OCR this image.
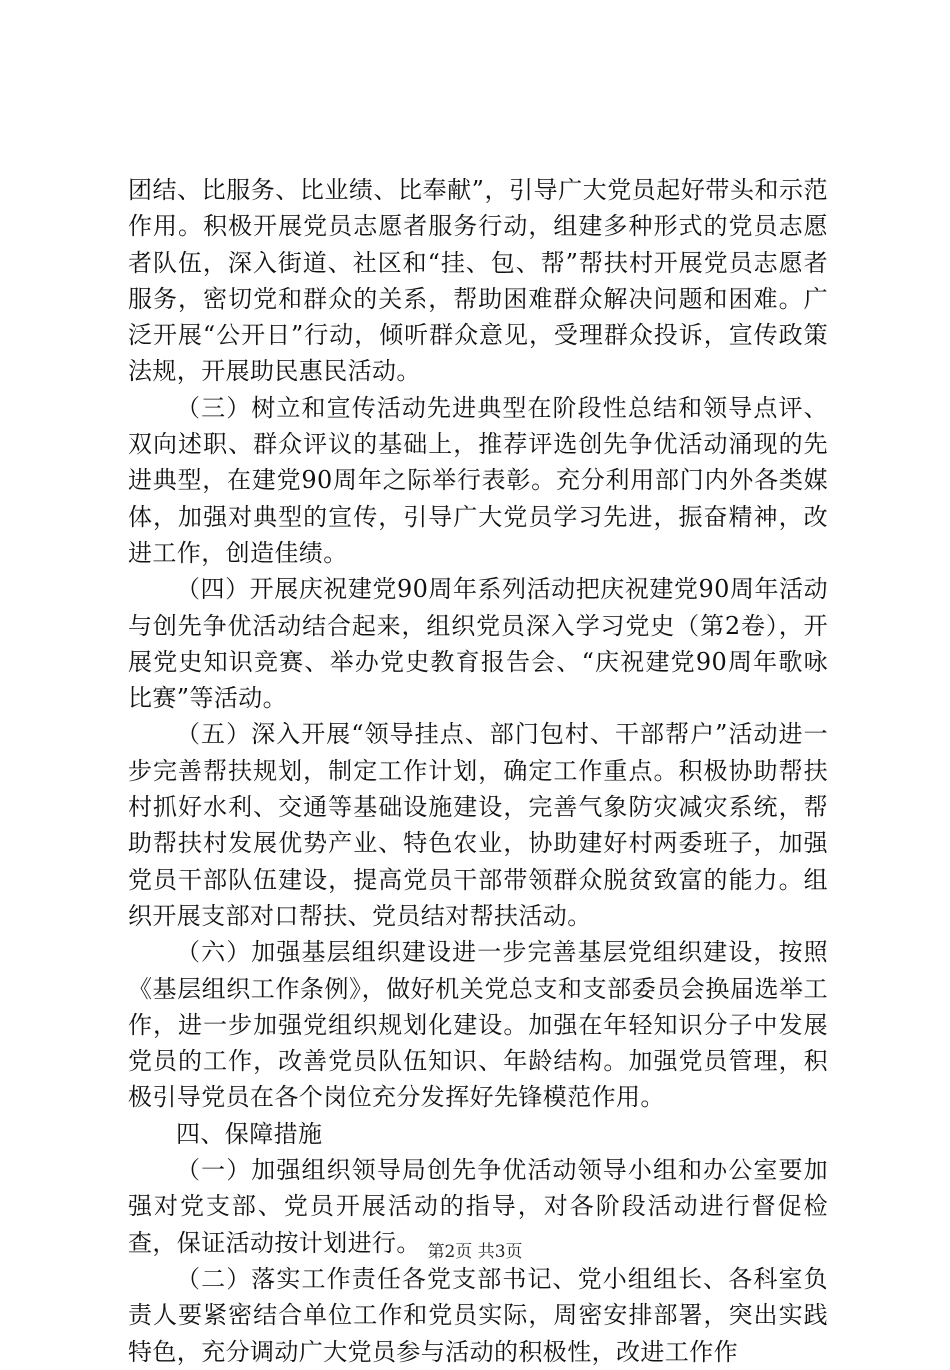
团结、比服务、比业绩、比奉献”，引导广大党员起好带头和示范作用。积极开展党员志愿者服务行动，组建多种形式的党员志愿者队伍，深入街道、社区和“挂、包、帮”帮扶村开展党员志愿者服务，密切党和群众的关系，帮助困难群众解决问题和困难。广泛开展“公开日”行动，倾听群众意见，受理群众投诉，宣传政策法规，开展助民惠民活动。

（三）树立和宣传活动先进典型在阶段性总结和领导点评、双向述职、群众评议的基础上，推荐评选创先争优活动涌现的先进典型，在建党90周年之际举行表彰。充分利用部门内外各类媒体，加强对典型的宣传，引导广大党员学习先进，振奋精神，改进工作，创造佳绩。

（四）开展庆祝建党90周年系列活动把庆祝建党90周年活动与创先争优活动结合起来，组织党员深入学习党史（第2卷），开展党史知识竞赛、举办党史教育报告会、“庆祝建党90周年歌咏比赛”等活动。

（五）深入开展“领导挂点、部门包村、干部帮户”活动进一步完善帮扶规划，制定工作计划，确定工作重点。积极协助帮扶村抓好水利、交通等基础设施建设，完善气象防灾减灾系统，帮助帮扶村发展优势产业、特色农业，协助建好村两委班子，加强党员干部队伍建设，提高党员干部带领群众脱贫致富的能力。组织开展支部对口帮扶、党员结对帮扶活动。

（六）加强基层组织建设进一步完善基层党组织建设，按照《基层组织工作条例》，做好机关党总支和支部委员会换届选举工作，进一步加强党组织规划化建设。加强在年轻知识分子中发展党员的工作，改善党员队伍知识、年龄结构。加强党员管理，积极引导党员在各个岗位充分发挥好先锋模范作用。

四、保障措施

（一）加强组织领导局创先争优活动领导小组和办公室要加强对党支部、党员开展活动的指导，对各阶段活动进行督促检查，保证活动按计划进行。

（二）落实工作责任各党支部书记、党小组组长、各科室负责人要紧密结合单位工作和党员实际，周密安排部署，突出实践特色，充分调动广大党员参与活动的积极性，改进工作作

第2页 共3页
